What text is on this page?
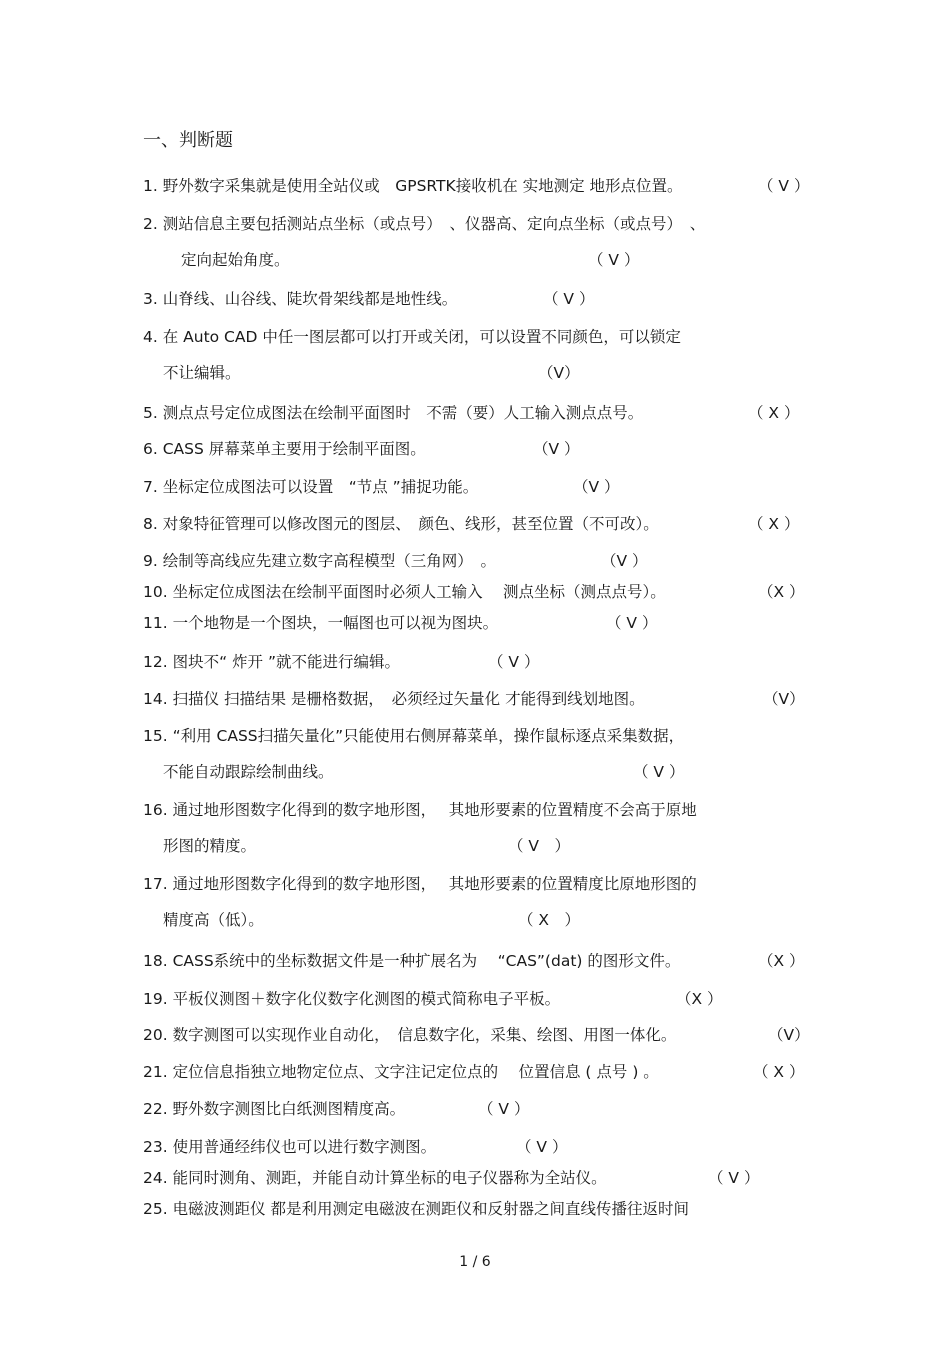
一、判断题
1. 野外数字采集就是使用全站仪或　GPSRTK接收机在 实地测定 地形点位置。	（ V ）
2. 测站信息主要包括测站点坐标（或点号）　、仪器高、定向点坐标（或点号）　、
定向起始角度。	（ V ）
3. 山脊线、山谷线、陡坎骨架线都是地性线。	（ V ）
4. 在 Auto CAD 中任一图层都可以打开或关闭，可以设置不同颜色，可以锁定
不让编辑。	（V）
5. 测点点号定位成图法在绘制平面图时　不需（要）人工输入测点点号。	（ X ）
6. CASS 屏幕菜单主要用于绘制平面图。	（V ）
7. 坐标定位成图法可以设置　“节点 ”捕捉功能。	（V ）
8. 对象特征管理可以修改图元的图层、　颜色、线形，甚至位置（不可改）。	（ X ）
9. 绘制等高线应先建立数字高程模型（三角网）　。	（V ）
10. 坐标定位成图法在绘制平面图时必须人工输入　 测点坐标（测点点号）。	（X ）
11. 一个地物是一个图块，一幅图也可以视为图块。	（ V ）
12. 图块不“ 炸开 ”就不能进行编辑。	（ V ）
14. 扫描仪 扫描结果 是栅格数据，　必须经过矢量化 才能得到线划地图。	（V）
15. “利用 CASS扫描矢量化”只能使用右侧屏幕菜单，操作鼠标逐点采集数据，
不能自动跟踪绘制曲线。	（ V ）
16. 通过地形图数字化得到的数字地形图，　 其地形要素的位置精度不会高于原地
形图的精度。	（ V　）
17. 通过地形图数字化得到的数字地形图，　 其地形要素的位置精度比原地形图的
精度高（低）。	（ X　）
18. CASS系统中的坐标数据文件是一种扩展名为　 “CAS”(dat) 的图形文件。	（X ）
19. 平板仪测图＋数字化仪数字化测图的模式简称电子平板。	（X ）
20. 数字测图可以实现作业自动化，　信息数字化，采集、绘图、用图一体化。	（V）
21. 定位信息指独立地物定位点、文字注记定位点的　 位置信息 ( 点号 ) 。	（ X ）
22. 野外数字测图比白纸测图精度高。	（ V ）
23. 使用普通经纬仪也可以进行数字测图。	（ V ）
24. 能同时测角、测距，并能自动计算坐标的电子仪器称为全站仪。	（ V ）
25. 电磁波测距仪 都是利用测定电磁波在测距仪和反射器之间直线传播往返时间
1 / 6
